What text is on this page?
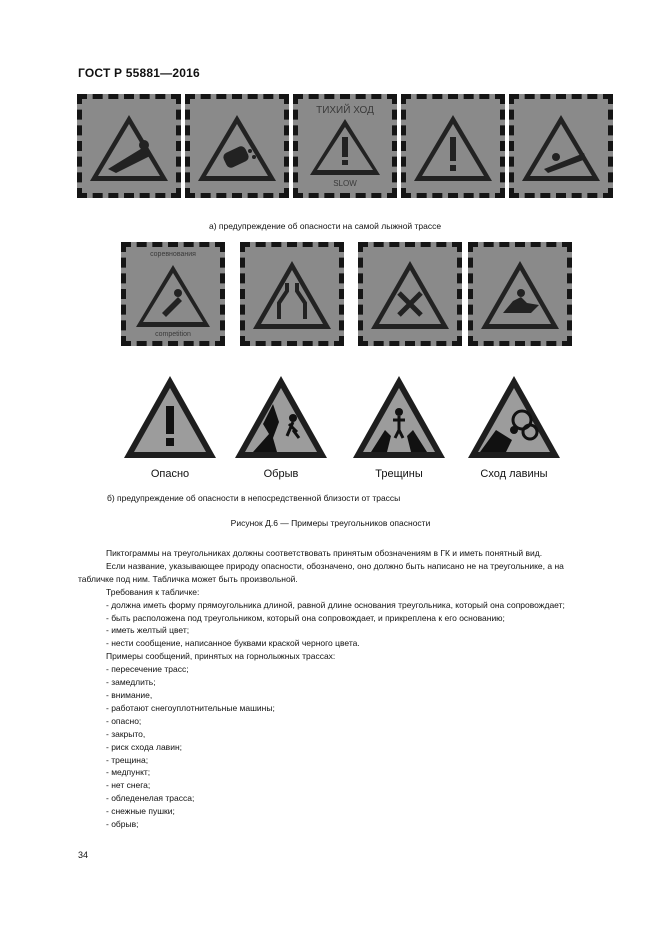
ГОСТ Р 55881—2016
ТИХИЙ ХОД
SLOW
а) предупреждение об опасности на самой лыжной трассе
соревнования
competition
Опасно	Обрыв	Трещины	Сход лавины
б) предупреждение об опасности в непосредственной близости от трассы
Рисунок Д.6 — Примеры треугольников опасности

Пиктограммы на треугольниках должны соответствовать принятым обозначениям в ГК и иметь понятный вид.

Если название, указывающее природу опасности, обозначено, оно должно быть написано не на треугольнике, а на табличке под ним. Табличка может быть произвольной.

Требования к табличке:

- должна иметь форму прямоугольника длиной, равной длине основания треугольника, который она сопровождает;

- быть расположена под треугольником, который она сопровождает, и прикреплена к его основанию;

- иметь желтый цвет;

- нести сообщение, написанное буквами краской черного цвета.

Примеры сообщений, принятых на горнолыжных трассах:

- пересечение трасс;

- замедлить;

- внимание,

- работают снегоуплотнительные машины;

- опасно;

- закрыто,

- риск схода лавин;

- трещина;

- медпункт;

- нет снега;

- обледенелая трасса;

- снежные пушки;

- обрыв;

34
